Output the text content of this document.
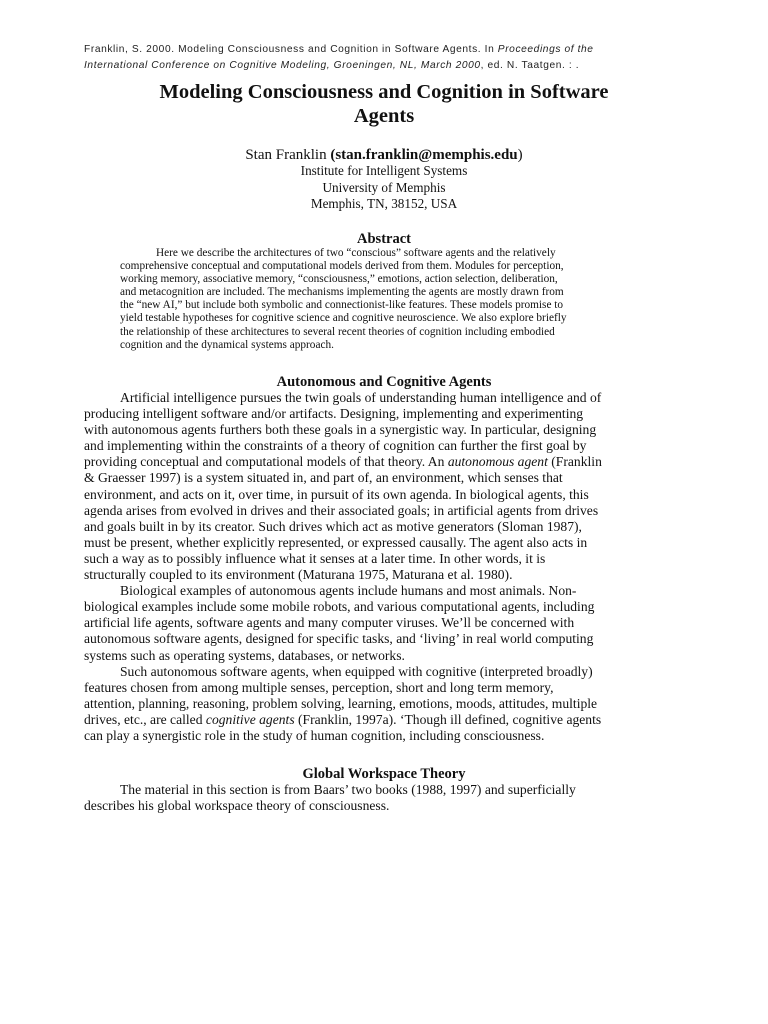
Franklin, S. 2000. Modeling Consciousness and Cognition in Software Agents. In Proceedings of the
International Conference on Cognitive Modeling, Groeningen, NL, March 2000, ed. N. Taatgen. : .
Modeling Consciousness and Cognition in Software
Agents
Stan Franklin (stan.franklin@memphis.edu)
Institute for Intelligent Systems
University of Memphis
Memphis, TN, 38152, USA
Abstract
Here we describe the architectures of two “conscious” software agents and the relatively
comprehensive conceptual and computational models derived from them. Modules for perception,
working memory, associative memory, “consciousness,” emotions, action selection, deliberation,
and metacognition are included. The mechanisms implementing the agents are mostly drawn from
the “new AI,” but include both symbolic and connectionist-like features. These models promise to
yield testable hypotheses for cognitive science and cognitive neuroscience. We also explore briefly
the relationship of these architectures to several recent theories of cognition including embodied
cognition and the dynamical systems approach.
Autonomous and Cognitive Agents
Artificial intelligence pursues the twin goals of understanding human intelligence and of
producing intelligent software and/or artifacts. Designing, implementing and experimenting
with autonomous agents furthers both these goals in a synergistic way. In particular, designing
and implementing within the constraints of a theory of cognition can further the first goal by
providing conceptual and computational models of that theory. An autonomous agent (Franklin
& Graesser 1997) is a system situated in, and part of, an environment, which senses that
environment, and acts on it, over time, in pursuit of its own agenda. In biological agents, this
agenda arises from evolved in drives and their associated goals; in artificial agents from drives
and goals built in by its creator. Such drives which act as motive generators (Sloman 1987),
must be present, whether explicitly represented, or expressed causally. The agent also acts in
such a way as to possibly influence what it senses at a later time. In other words, it is
structurally coupled to its environment (Maturana 1975, Maturana et al. 1980).
Biological examples of autonomous agents include humans and most animals. Non-
biological examples include some mobile robots, and various computational agents, including
artificial life agents, software agents and many computer viruses. We’ll be concerned with
autonomous software agents, designed for specific tasks, and ‘living’ in real world computing
systems such as operating systems, databases, or networks.
Such autonomous software agents, when equipped with cognitive (interpreted broadly)
features chosen from among multiple senses, perception, short and long term memory,
attention, planning, reasoning, problem solving, learning, emotions, moods, attitudes, multiple
drives, etc., are called cognitive agents (Franklin, 1997a). ‘Though ill defined, cognitive agents
can play a synergistic role in the study of human cognition, including consciousness.
Global Workspace Theory
The material in this section is from Baars’ two books (1988, 1997) and superficially
describes his global workspace theory of consciousness.
